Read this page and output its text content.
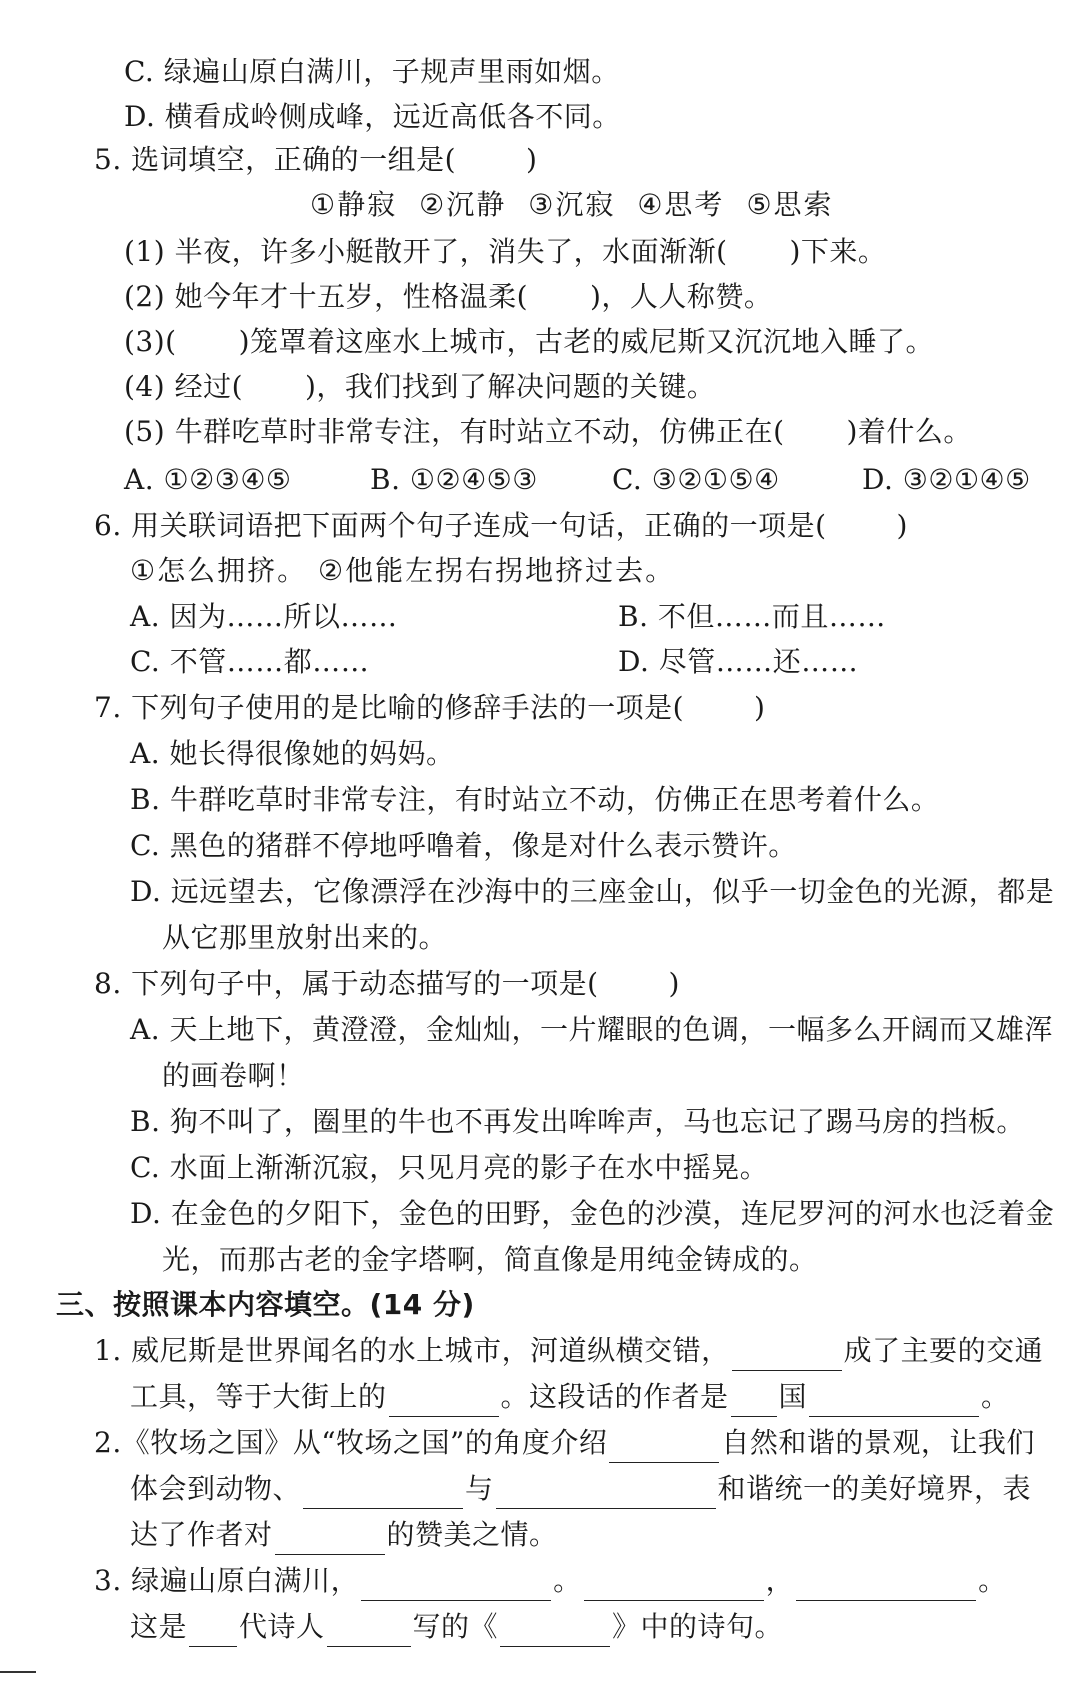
C. 绿遍山原白满川，子规声里雨如烟。
D. 横看成岭侧成峰，远近高低各不同。
5. 选词填空，正确的一组是(	)
①静寂 ②沉静 ③沉寂 ④思考 ⑤思索
(1) 半夜，许多小艇散开了，消失了，水面渐渐( )下来。
(2) 她今年才十五岁，性格温柔( )，人人称赞。
(3)( )笼罩着这座水上城市，古老的威尼斯又沉沉地入睡了。
(4) 经过( )，我们找到了解决问题的关键。
(5) 牛群吃草时非常专注，有时站立不动，仿佛正在( )着什么。
A. ①②③④⑤	B. ①②④⑤③	C. ③②①⑤④	D. ③②①④⑤
6. 用关联词语把下面两个句子连成一句话，正确的一项是(	)
①怎么拥挤。 ②他能左拐右拐地挤过去。
A. 因为……所以……	B. 不但……而且……
C. 不管……都……	D. 尽管……还……
7. 下列句子使用的是比喻的修辞手法的一项是(	)
A. 她长得很像她的妈妈。
B. 牛群吃草时非常专注，有时站立不动，仿佛正在思考着什么。
C. 黑色的猪群不停地呼噜着，像是对什么表示赞许。
D. 远远望去，它像漂浮在沙海中的三座金山，似乎一切金色的光源，都是
从它那里放射出来的。
8. 下列句子中，属于动态描写的一项是(	)
A. 天上地下，黄澄澄，金灿灿，一片耀眼的色调，一幅多么开阔而又雄浑
的画卷啊！
B. 狗不叫了，圈里的牛也不再发出哞哞声，马也忘记了踢马房的挡板。
C. 水面上渐渐沉寂，只见月亮的影子在水中摇晃。
D. 在金色的夕阳下，金色的田野，金色的沙漠，连尼罗河的河水也泛着金
光，而那古老的金字塔啊，简直像是用纯金铸成的。
三、按照课本内容填空。(14 分)
1. 威尼斯是世界闻名的水上城市，河道纵横交错，	成了主要的交通
工具，等于大街上的	。这段话的作者是 国	。
2.《牧场之国》从“牧场之国”的角度介绍	自然和谐的景观，让我们
体会到动物、	与	和谐统一的美好境界，表
达了作者对	的赞美之情。
3. 绿遍山原白满川，	。	，	。
这是 代诗人	写的《	》中的诗句。
